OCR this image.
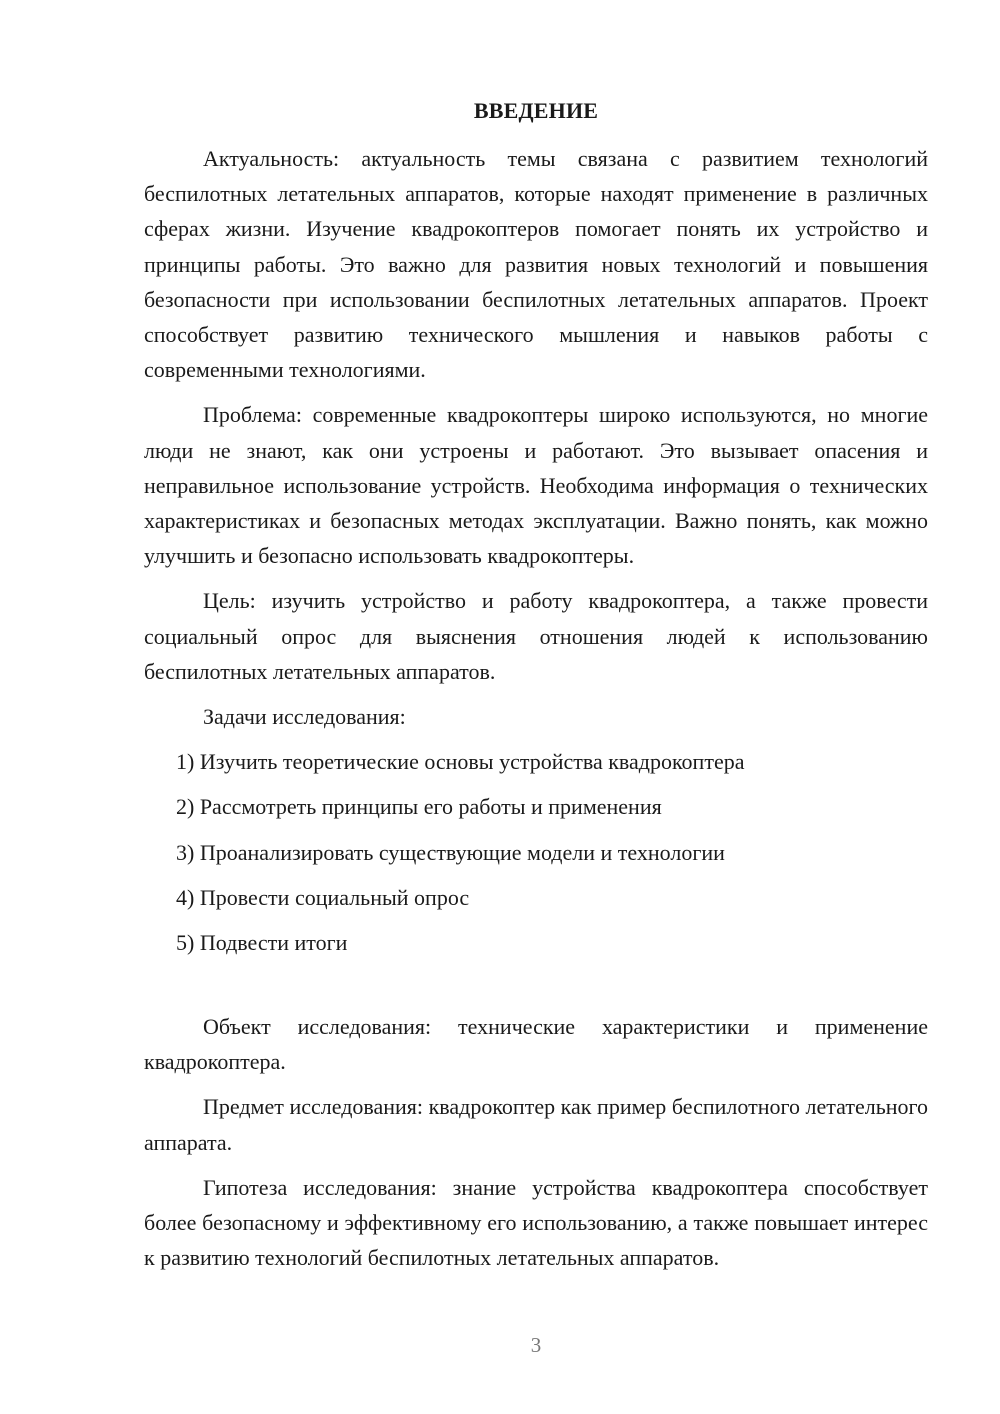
ВВЕДЕНИЕ

Актуальность: актуальность темы связана с развитием технологий беспилотных летательных аппаратов, которые находят применение в различных сферах жизни. Изучение квадрокоптеров помогает понять их устройство и принципы работы. Это важно для развития новых технологий и повышения безопасности при использовании беспилотных летательных аппаратов. Проект способствует развитию технического мышления и навыков работы с современными технологиями.

Проблема: современные квадрокоптеры широко используются, но многие люди не знают, как они устроены и работают. Это вызывает опасения и неправильное использование устройств. Необходима информация о технических характеристиках и безопасных методах эксплуатации. Важно понять, как можно улучшить и безопасно использовать квадрокоптеры.

Цель: изучить устройство и работу квадрокоптера, а также провести социальный опрос для выяснения отношения людей к использованию беспилотных летательных аппаратов.

Задачи исследования:

1) Изучить теоретические основы устройства квадрокоптера
2) Рассмотреть принципы его работы и применения
3) Проанализировать существующие модели и технологии
4) Провести социальный опрос
5) Подвести итоги

Объект исследования: технические характеристики и применение квадрокоптера.

Предмет исследования: квадрокоптер как пример беспилотного летательного аппарата.

Гипотеза исследования: знание устройства квадрокоптера способствует более безопасному и эффективному его использованию, а также повышает интерес к развитию технологий беспилотных летательных аппаратов.

3
